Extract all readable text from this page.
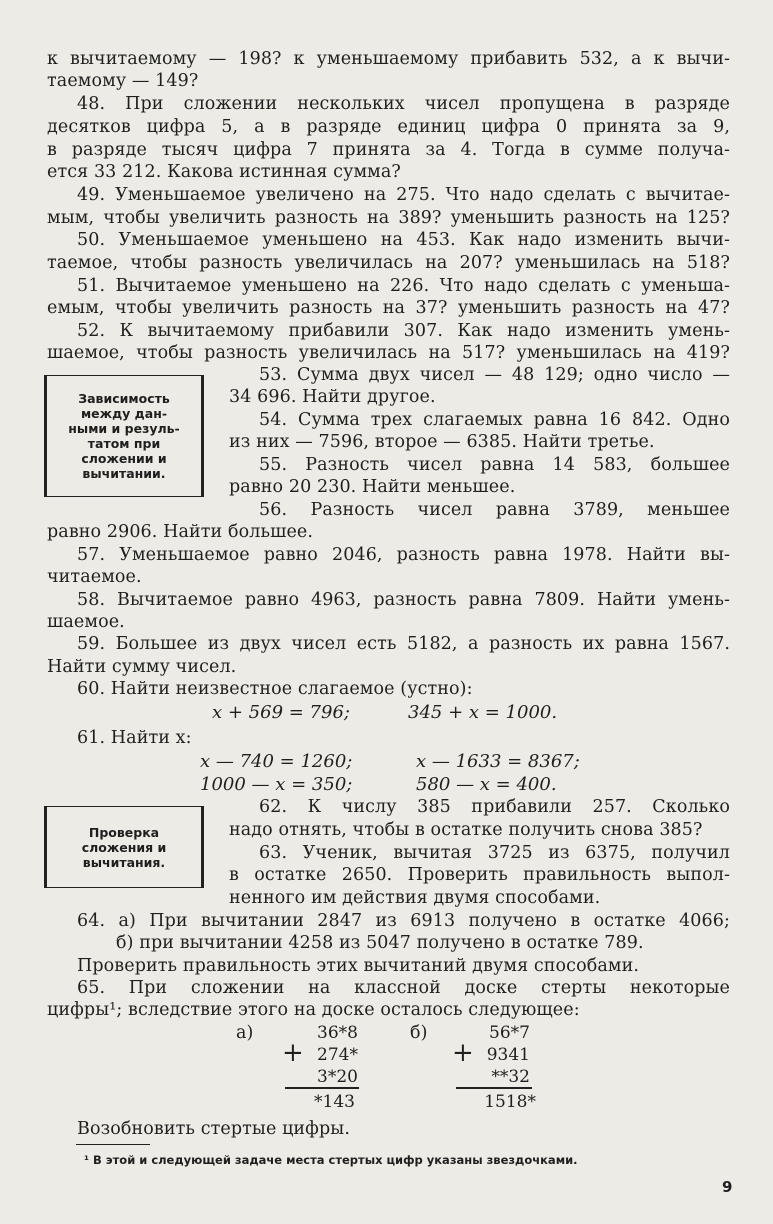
к вычитаемому — 198? к уменьшаемому прибавить 532, а к вычи-
таемому — 149?
48. При сложении нескольких чисел пропущена в разряде
десятков цифра 5, а в разряде единиц цифра 0 принята за 9,
в разряде тысяч цифра 7 принята за 4. Тогда в сумме получа-
ется 33 212. Какова истинная сумма?
49. Уменьшаемое увеличено на 275. Что надо сделать с вычитае-
мым, чтобы увеличить разность на 389? уменьшить разность на 125?
50. Уменьшаемое уменьшено на 453. Как надо изменить вычи-
таемое, чтобы разность увеличилась на 207? уменьшилась на 518?
51. Вычитаемое уменьшено на 226. Что надо сделать с уменьша-
емым, чтобы увеличить разность на 37? уменьшить разность на 47?
52. К вычитаемому прибавили 307. Как надо изменить умень-
шаемое, чтобы разность увеличилась на 517? уменьшилась на 419?
Зависимость
между дан-
ными и резуль-
татом при
сложении и
вычитании.
53. Сумма двух чисел — 48 129; одно число —
34 696. Найти другое.
54. Сумма трех слагаемых равна 16 842. Одно
из них — 7596, второе — 6385. Найти третье.
55. Разность чисел равна 14 583, большее
равно 20 230. Найти меньшее.
56. Разность чисел равна 3789, меньшее
равно 2906. Найти большее.
57. Уменьшаемое равно 2046, разность равна 1978. Найти вы-
читаемое.
58. Вычитаемое равно 4963, разность равна 7809. Найти умень-
шаемое.
59. Большее из двух чисел есть 5182, а разность их равна 1567.
Найти сумму чисел.
60. Найти неизвестное слагаемое (устно):
x + 569 = 796;	345 + x = 1000.
61. Найти x:
x — 740 = 1260;	x — 1633 = 8367;
1000 — x = 350;	580 — x = 400.
Проверка
сложения и
вычитания.
62. К числу 385 прибавили 257. Сколько
надо отнять, чтобы в остатке получить снова 385?
63. Ученик, вычитая 3725 из 6375, получил
в остатке 2650. Проверить правильность выпол-
ненного им действия двумя способами.
64. а) При вычитании 2847 из 6913 получено в остатке 4066;
б) при вычитании 4258 из 5047 получено в остатке 789.
Проверить правильность этих вычитаний двумя способами.
65. При сложении на классной доске стерты некоторые
цифры¹; вследствие этого на доске осталось следующее:
а)	36*8
274*
+
3*20
*143
б)	56*7
9341
+
**32
1518*
Возобновить стертые цифры.
¹ В этой и следующей задаче места стертых цифр указаны звездочками.
9
